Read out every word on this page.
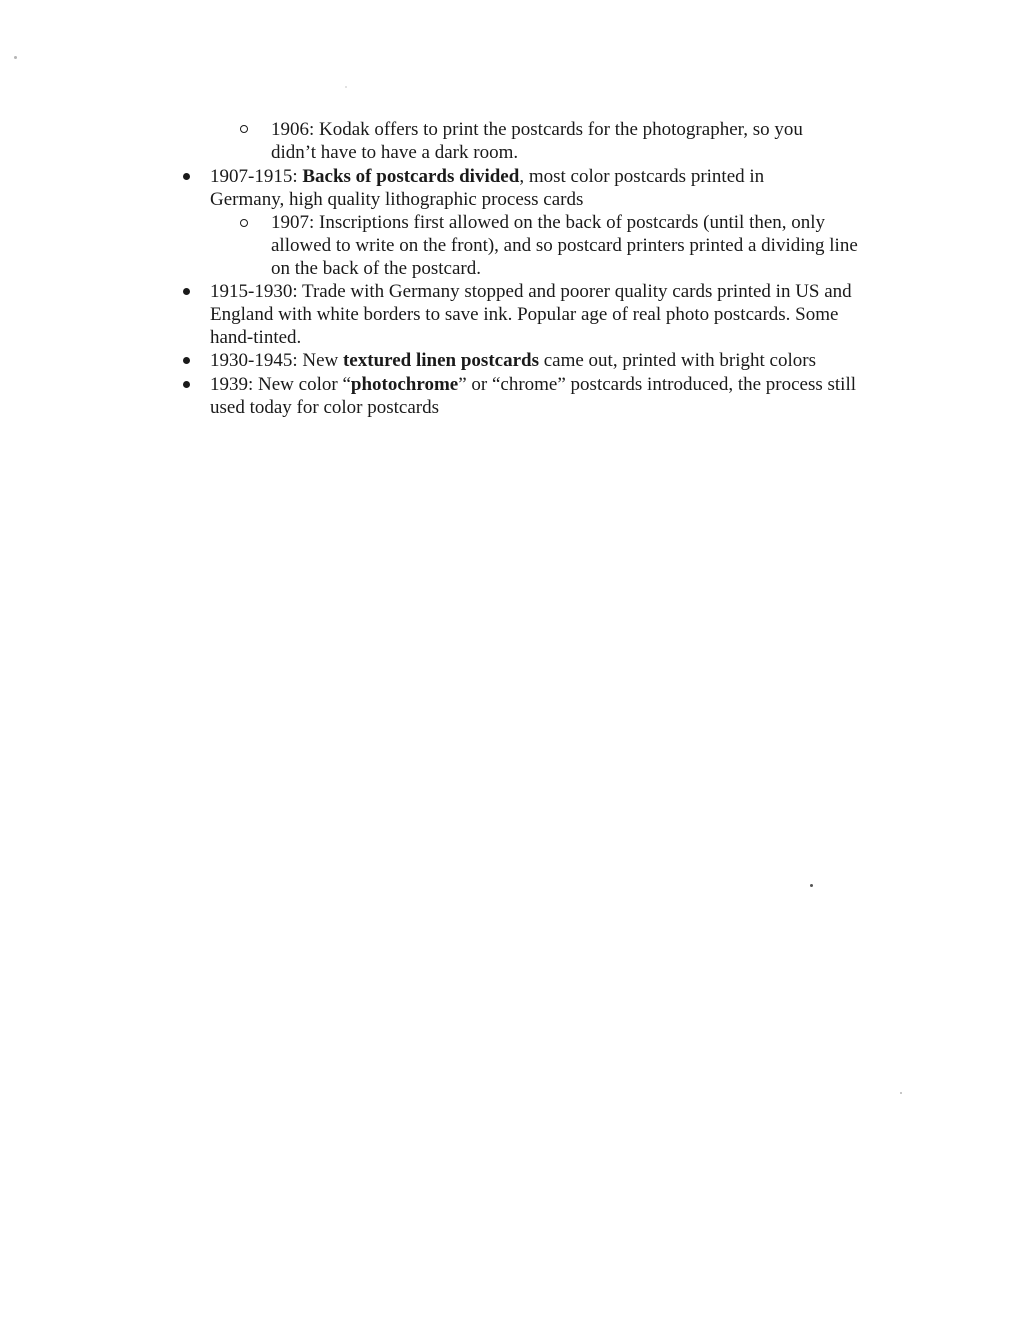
1906: Kodak offers to print the postcards for the photographer, so you didn’t have to have a dark room.
1907-1915: Backs of postcards divided, most color postcards printed in Germany, high quality lithographic process cards
1907: Inscriptions first allowed on the back of postcards (until then, only allowed to write on the front), and so postcard printers printed a dividing line on the back of the postcard.
1915-1930: Trade with Germany stopped and poorer quality cards printed in US and England with white borders to save ink. Popular age of real photo postcards. Some hand-tinted.
1930-1945: New textured linen postcards came out, printed with bright colors
1939: New color “photochrome” or “chrome” postcards introduced, the process still used today for color postcards
